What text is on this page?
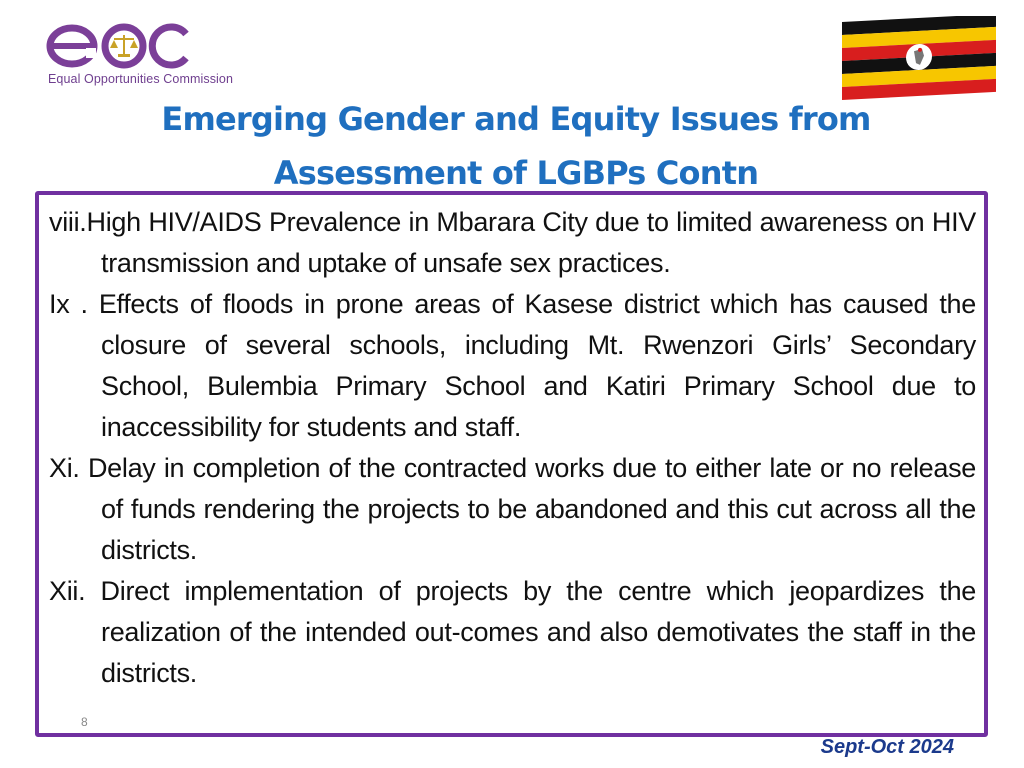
Equal Opportunities Commission
Emerging Gender and Equity Issues from Assessment of LGBPs Contn
viii.High HIV/AIDS Prevalence in Mbarara City due to limited awareness on HIV transmission and uptake of unsafe sex practices.
Ix . Effects of floods in prone areas of Kasese district which has caused the closure of several schools, including Mt. Rwenzori Girls’ Secondary School, Bulembia Primary School and Katiri Primary School due to inaccessibility for students and staff.
Xi. Delay in completion of the contracted works due to either late or no release of funds rendering the projects to be abandoned and this cut across all the districts.
Xii. Direct implementation of projects by the centre which jeopardizes the realization of the intended out-comes and also demotivates the staff in the districts.
8
Sept-Oct 2024
